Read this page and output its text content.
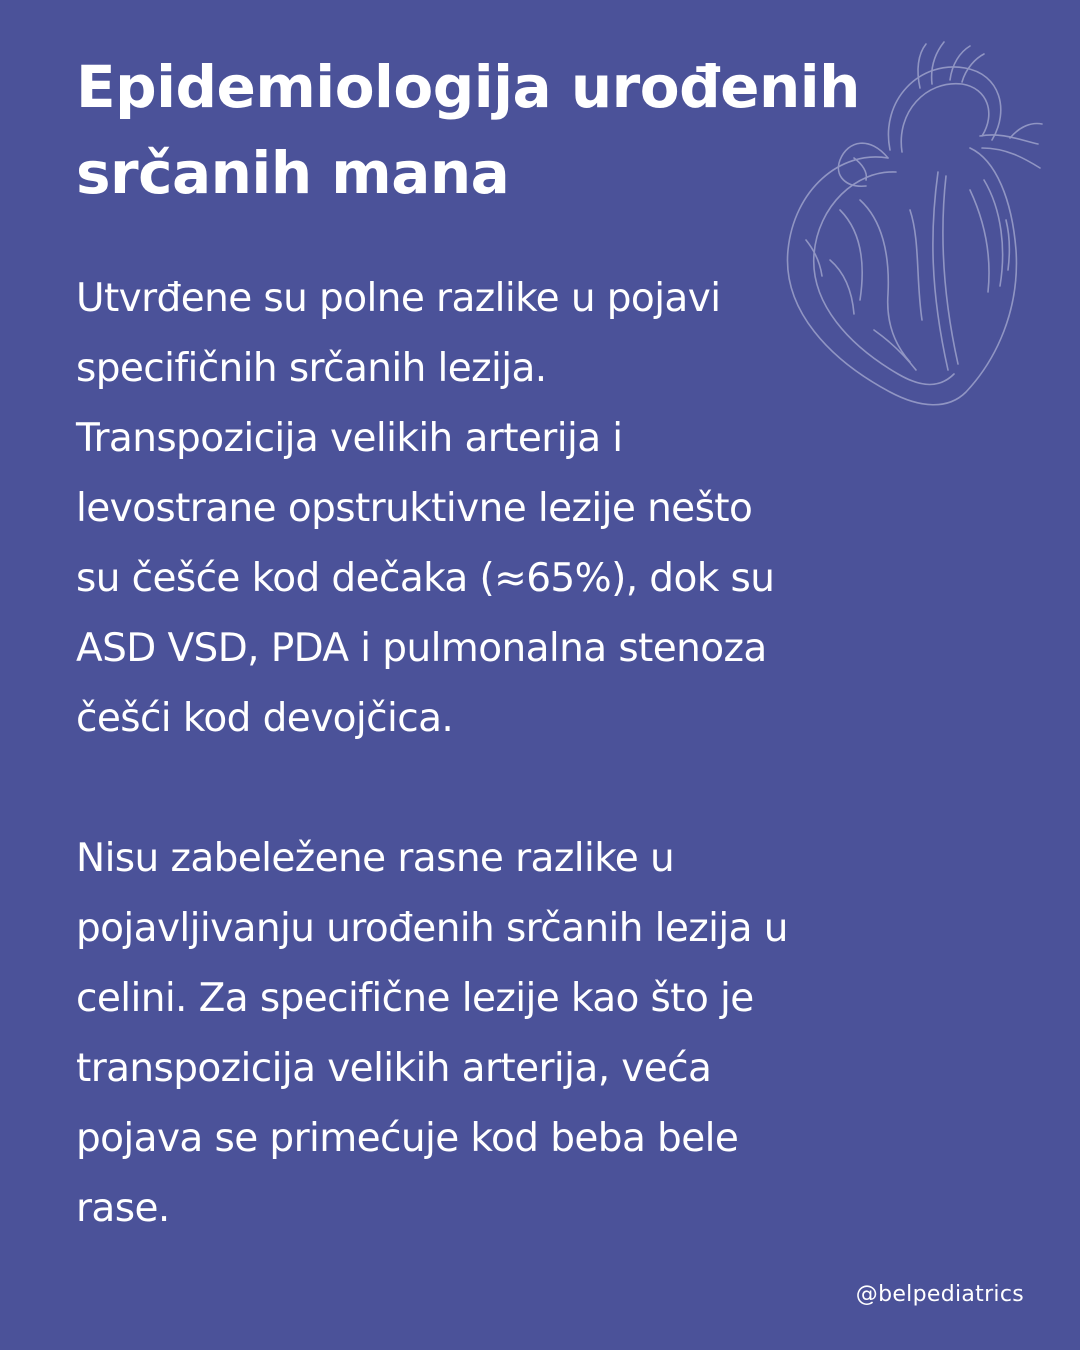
Epidemiologija urođenih
srčanih mana
Utvrđene su polne razlike u pojavi
specifičnih srčanih lezija.
Transpozicija velikih arterija i
levostrane opstruktivne lezije nešto
su češće kod dečaka (≈65%), dok su
ASD VSD, PDA i pulmonalna stenoza
češći kod devojčica.
Nisu zabeležene rasne razlike u
pojavljivanju urođenih srčanih lezija u
celini. Za specifične lezije kao što je
transpozicija velikih arterija, veća
pojava se primećuje kod beba bele
rase.
@belpediatrics
